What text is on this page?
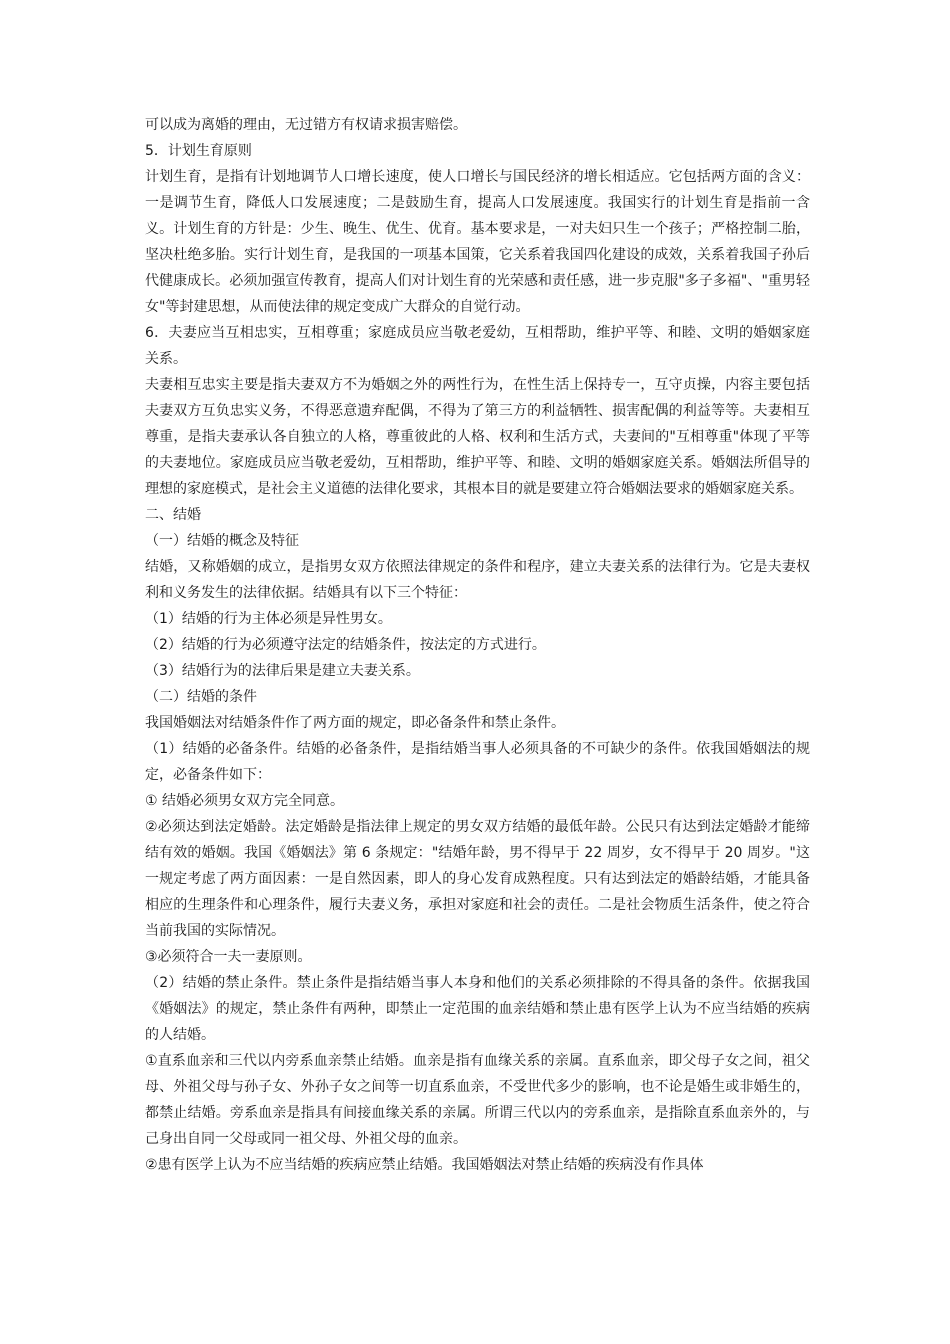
可以成为离婚的理由，无过错方有权请求损害赔偿。

5．计划生育原则

计划生育，是指有计划地调节人口增长速度，使人口增长与国民经济的增长相适应。它包括两方面的含义：一是调节生育，降低人口发展速度；二是鼓励生育，提高人口发展速度。我国实行的计划生育是指前一含义。计划生育的方针是：少生、晚生、优生、优育。基本要求是，一对夫妇只生一个孩子；严格控制二胎，坚决杜绝多胎。实行计划生育，是我国的一项基本国策，它关系着我国四化建设的成效，关系着我国子孙后代健康成长。必须加强宣传教育，提高人们对计划生育的光荣感和责任感，进一步克服"多子多福"、"重男轻女"等封建思想，从而使法律的规定变成广大群众的自觉行动。

6．夫妻应当互相忠实，互相尊重；家庭成员应当敬老爱幼，互相帮助，维护平等、和睦、文明的婚姻家庭关系。

夫妻相互忠实主要是指夫妻双方不为婚姻之外的两性行为，在性生活上保持专一，互守贞操，内容主要包括夫妻双方互负忠实义务，不得恶意遗弃配偶，不得为了第三方的利益牺牲、损害配偶的利益等等。夫妻相互尊重，是指夫妻承认各自独立的人格，尊重彼此的人格、权利和生活方式，夫妻间的"互相尊重"体现了平等的夫妻地位。家庭成员应当敬老爱幼，互相帮助，维护平等、和睦、文明的婚姻家庭关系。婚姻法所倡导的理想的家庭模式，是社会主义道德的法律化要求，其根本目的就是要建立符合婚姻法要求的婚姻家庭关系。

二、结婚

（一）结婚的概念及特征

结婚，又称婚姻的成立，是指男女双方依照法律规定的条件和程序，建立夫妻关系的法律行为。它是夫妻权利和义务发生的法律依据。结婚具有以下三个特征：

（1）结婚的行为主体必须是异性男女。

（2）结婚的行为必须遵守法定的结婚条件，按法定的方式进行。

（3）结婚行为的法律后果是建立夫妻关系。

（二）结婚的条件

我国婚姻法对结婚条件作了两方面的规定，即必备条件和禁止条件。

（1）结婚的必备条件。结婚的必备条件，是指结婚当事人必须具备的不可缺少的条件。依我国婚姻法的规定，必备条件如下：

① 结婚必须男女双方完全同意。

②必须达到法定婚龄。法定婚龄是指法律上规定的男女双方结婚的最低年龄。公民只有达到法定婚龄才能缔结有效的婚姻。我国《婚姻法》第 6 条规定："结婚年龄，男不得早于 22 周岁，女不得早于 20 周岁。"这一规定考虑了两方面因素：一是自然因素，即人的身心发育成熟程度。只有达到法定的婚龄结婚，才能具备相应的生理条件和心理条件，履行夫妻义务，承担对家庭和社会的责任。二是社会物质生活条件，使之符合当前我国的实际情况。

③必须符合一夫一妻原则。

（2）结婚的禁止条件。禁止条件是指结婚当事人本身和他们的关系必须排除的不得具备的条件。依据我国《婚姻法》的规定，禁止条件有两种，即禁止一定范围的血亲结婚和禁止患有医学上认为不应当结婚的疾病的人结婚。

①直系血亲和三代以内旁系血亲禁止结婚。血亲是指有血缘关系的亲属。直系血亲，即父母子女之间，祖父母、外祖父母与孙子女、外孙子女之间等一切直系血亲，不受世代多少的影响，也不论是婚生或非婚生的，都禁止结婚。旁系血亲是指具有间接血缘关系的亲属。所谓三代以内的旁系血亲，是指除直系血亲外的，与己身出自同一父母或同一祖父母、外祖父母的血亲。

②患有医学上认为不应当结婚的疾病应禁止结婚。我国婚姻法对禁止结婚的疾病没有作具体
